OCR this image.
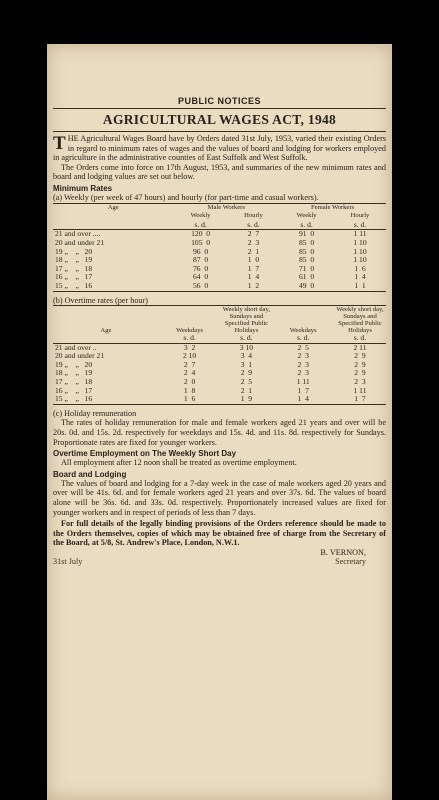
PUBLIC NOTICES
AGRICULTURAL WAGES ACT, 1948

THE Agricultural Wages Board have by Orders dated 31st July, 1953, varied their existing Orders in regard to minimum rates of wages and the values of board and lodging for workers employed in agriculture in the administrative counties of East Suffolk and West Suffolk.

The Orders come into force on 17th August, 1953, and summaries of the new minimum rates and board and lodging values are set out below.

Minimum Rates

(a) Weekly (per week of 47 hours) and hourly (for part-time and casual workers).

Age	Male Workers		Female Workers	
	Weekly	Hourly	Weekly	Hourly
	s. d.	s. d.	s. d.	s. d.
21 and over ....	120  0	2  7	91  0	1 11
20 and under 21	105  0	2  3	85  0	1 10
19 „    „   20	96  0	2  1	85  0	1 10
18 „    „   19	87  0	1  0	85  0	1 10
17 „    „   18	76  0	1  7	71  0	1  6
16 „    „   17	64  0	1  4	61  0	1  4
15 „    „   16	56  0	1  2	49  0	1  1

(b) Overtime rates (per hour)

Age	Weekdays	Weekly short day, Sundays and Specified Public Holidays	Weekdays	Weekly short day, Sundays and Specified Public Holidays
	s. d.	s. d.	s. d.	s. d.
21 and over ..	3  2	3 10	2  5	2 11
20 and under 21	2 10	3  4	2  3	2  9
19 „    „   20	2  7	3  1	2  3	2  9
18 „    „   19	2  4	2  9	2  3	2  9
17 „    „   18	2  0	2  5	1 11	2  3
16 „    „   17	1  8	2  1	1  7	1 11
15 „    „   16	1  6	1  9	1  4	1  7

(c) Holiday remuneration

The rates of holiday remuneration for male and female workers aged 21 years and over will be 20s. 0d. and 15s. 2d. respectively for weekdays and 15s. 4d. and 11s. 8d. respectively for Sundays. Proportionate rates are fixed for younger workers.

Overtime Employment on The Weekly Short Day

All employment after 12 noon shall be treated as overtime employment.

Board and Lodging

The values of board and lodging for a 7-day week in the case of male workers aged 20 years and over will be 41s. 6d. and for female workers aged 21 years and over 37s. 6d. The values of board alone will be 36s. 6d. and 33s. 0d. respectively. Proportionately increased values are fixed for younger workers and in respect of periods of less than 7 days.

For full details of the legally binding provisions of the Orders reference should be made to the Orders themselves, copies of which may be obtained free of charge from the Secretary of the Board, at 5/8, St. Andrew's Place, London, N.W.1.

B. VERNON,
31st July	Secretary
